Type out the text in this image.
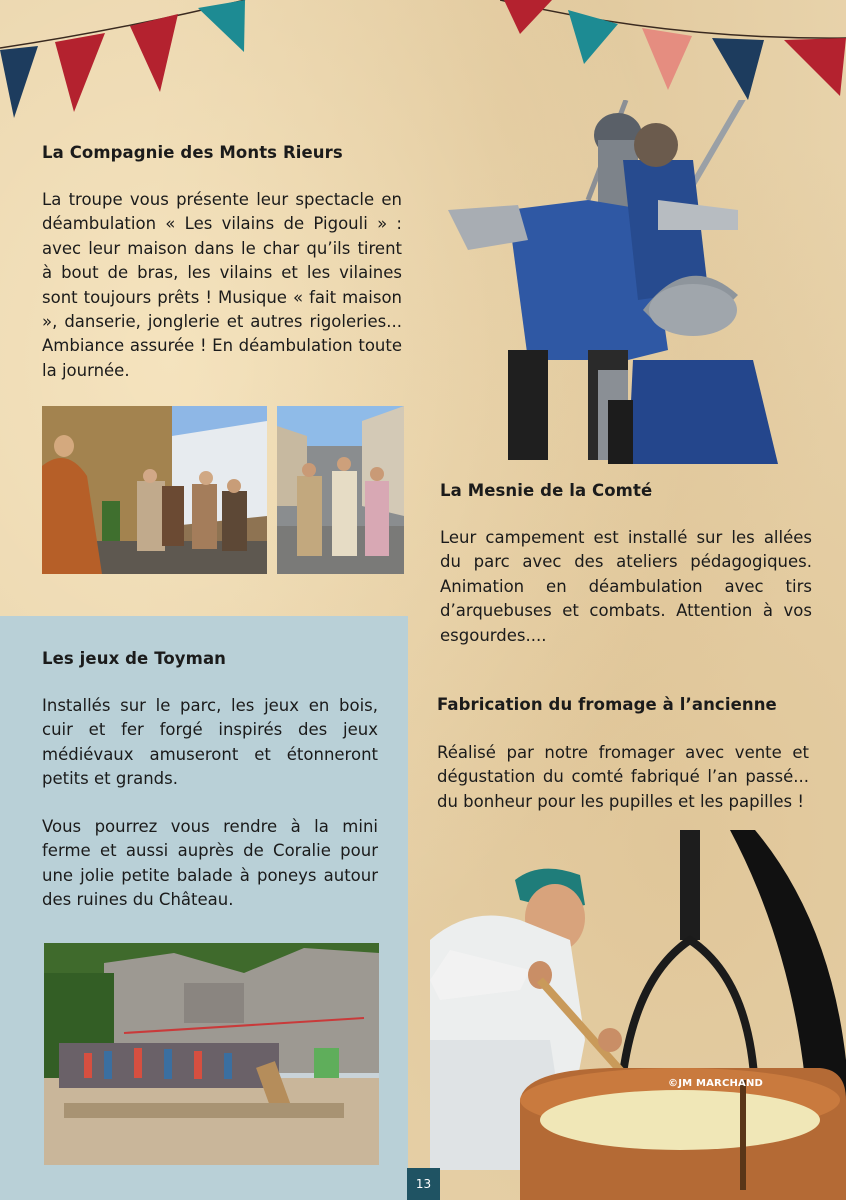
La Compagnie des Monts Rieurs

La troupe vous présente leur spectacle en déambulation « Les vilains de Pigouli » : avec leur maison dans le char qu’ils tirent à bout de bras, les vilains et les vilaines sont toujours prêts ! Musique « fait maison », danserie, jonglerie et autres rigoleries... Ambiance assurée ! En déambulation toute la journée.

La Mesnie de la Comté

Leur campement est installé sur les allées du parc avec des ateliers pédagogiques. Animation en déambulation avec tirs d’arquebuses et combats. Attention à vos esgourdes....

Les jeux de Toyman

Installés sur le parc, les jeux en bois, cuir et fer forgé inspirés des jeux médiévaux amuseront et étonneront petits et grands.

Vous pourrez vous rendre à la mini ferme et aussi auprès de Coralie pour une jolie petite balade à poneys autour des ruines du Château.

Fabrication du fromage à l’ancienne

Réalisé par notre fromager avec vente et dégustation du comté fabriqué l’an passé... du bonheur pour les pupilles et les papilles !

©JM MARCHAND
13
